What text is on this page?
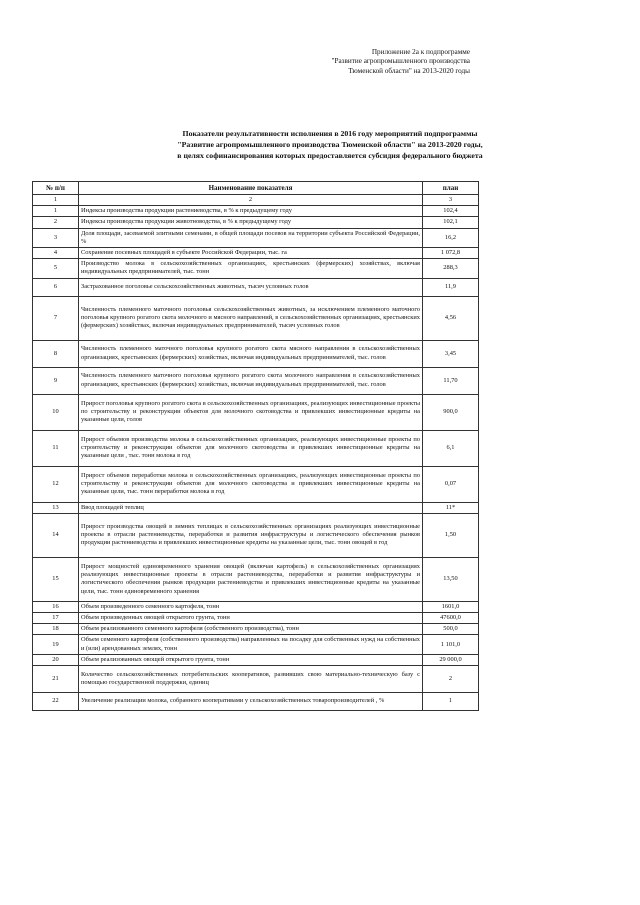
Приложение 2а к подпрограмме
"Развитие агропромышленного производства
Тюменской области" на 2013-2020 годы
Показатели результативности исполнения в 2016 году мероприятий подпрограммы
"Развитие агропромышленного производства Тюменской области" на 2013-2020 годы,
в целях софинансирования которых предоставляется субсидия федерального бюджета
№ п/п	Наименование показателя	план
1	2	3
1	Индексы производства продукции растениеводства, в % к предыдущему году	102,4
2	Индексы производства продукции животноводства, в % к предыдущему году	102,1
3	Доля площади, засеваемой элитными семенами, в общей площади посевов на территории субъекта Российской Федерации, %	16,2
4	Сохранение посевных площадей в субъекте Российской Федерации, тыс. га	1 072,8
5	Производство молока в сельскохозяйственных организациях, крестьянских (фермерских) хозяйствах, включая индивидуальных предпринимателей, тыс. тонн	288,3
6	Застрахованное поголовье сельскохозяйственных животных, тысяч условных голов	11,9
7	Численность племенного маточного поголовья сельскохозяйственных животных, за исключением племенного маточного поголовья крупного рогатого скота молочного и мясного направлений, в сельскохозяйственных организациях, крестьянских (фермерских) хозяйствах, включая индивидуальных предпринимателей, тысяч условных голов	4,56
8	Численность племенного маточного поголовья крупного рогатого скота мясного направления в сельскохозяйственных организациях, крестьянских (фермерских) хозяйствах, включая индивидуальных предпринимателей, тыс. голов	3,45
9	Численность племенного маточного поголовья крупного рогатого скота молочного направления в сельскохозяйственных организациях, крестьянских (фермерских) хозяйствах, включая индивидуальных предпринимателей, тыс. голов	11,70
10	Прирост поголовья крупного рогатого скота в сельскохозяйственных организациях, реализующих инвестиционные проекты по строительству и реконструкции объектов для молочного скотоводства и привлекших инвестиционные кредиты на указанные цели, голов	900,0
11	Прирост объемов производства молока в сельскохозяйственных организациях, реализующих инвестиционные проекты по строительству и реконструкции объектов для молочного скотоводства и привлекших инвестиционные кредиты на указанные цели , тыс. тонн молока в год	6,1
12	Прирост объемов переработки молока в сельскохозяйственных организациях, реализующих инвестиционные проекты по строительству и реконструкции объектов для молочного скотоводства и привлекших инвестиционные кредиты на указанные цели, тыс. тонн переработки молока в год	0,07
13	Ввод площадей теплиц	11*
14	Прирост производства овощей в зимних теплицах в сельскохозяйственных организациях реализующих инвестиционные проекты в отрасли растениеводства, переработки и развития инфраструктуры и логистического обеспечения рынков продукции растениеводства и привлекших инвестиционные кредиты на указанные цели, тыс. тонн овощей в год	1,50
15	Прирост мощностей единовременного хранения овощей (включая картофель) в сельскохозяйственных организациях реализующих инвестиционные проекты в отрасли растениеводства, переработки и развития инфраструктуры и логистического обеспечения рынков продукции растениеводства и привлекших инвестиционные кредиты на указанные цели, тыс. тонн единовременного хранения	13,50
16	Объем произведенного семенного картофеля, тонн	1601,0
17	Объем произведенных овощей открытого грунта, тонн	47600,0
18	Объем реализованного семенного картофеля (собственного производства), тонн	500,0
19	Объем семенного картофеля (собственного производства) направленных на посадку для собственных нужд на собственных и (или) арендованных землях, тонн	1 101,0
20	Объем реализованных овощей открытого грунта, тонн	29 000,0
21	Количество сельскохозяйственных потребительских кооперативов, развивших свою материально-техническую базу с помощью государственной поддержки, единиц	2
22	Увеличение реализации молока, собранного кооперативами у сельскохозяйственных товаропроизводителей , %	1
